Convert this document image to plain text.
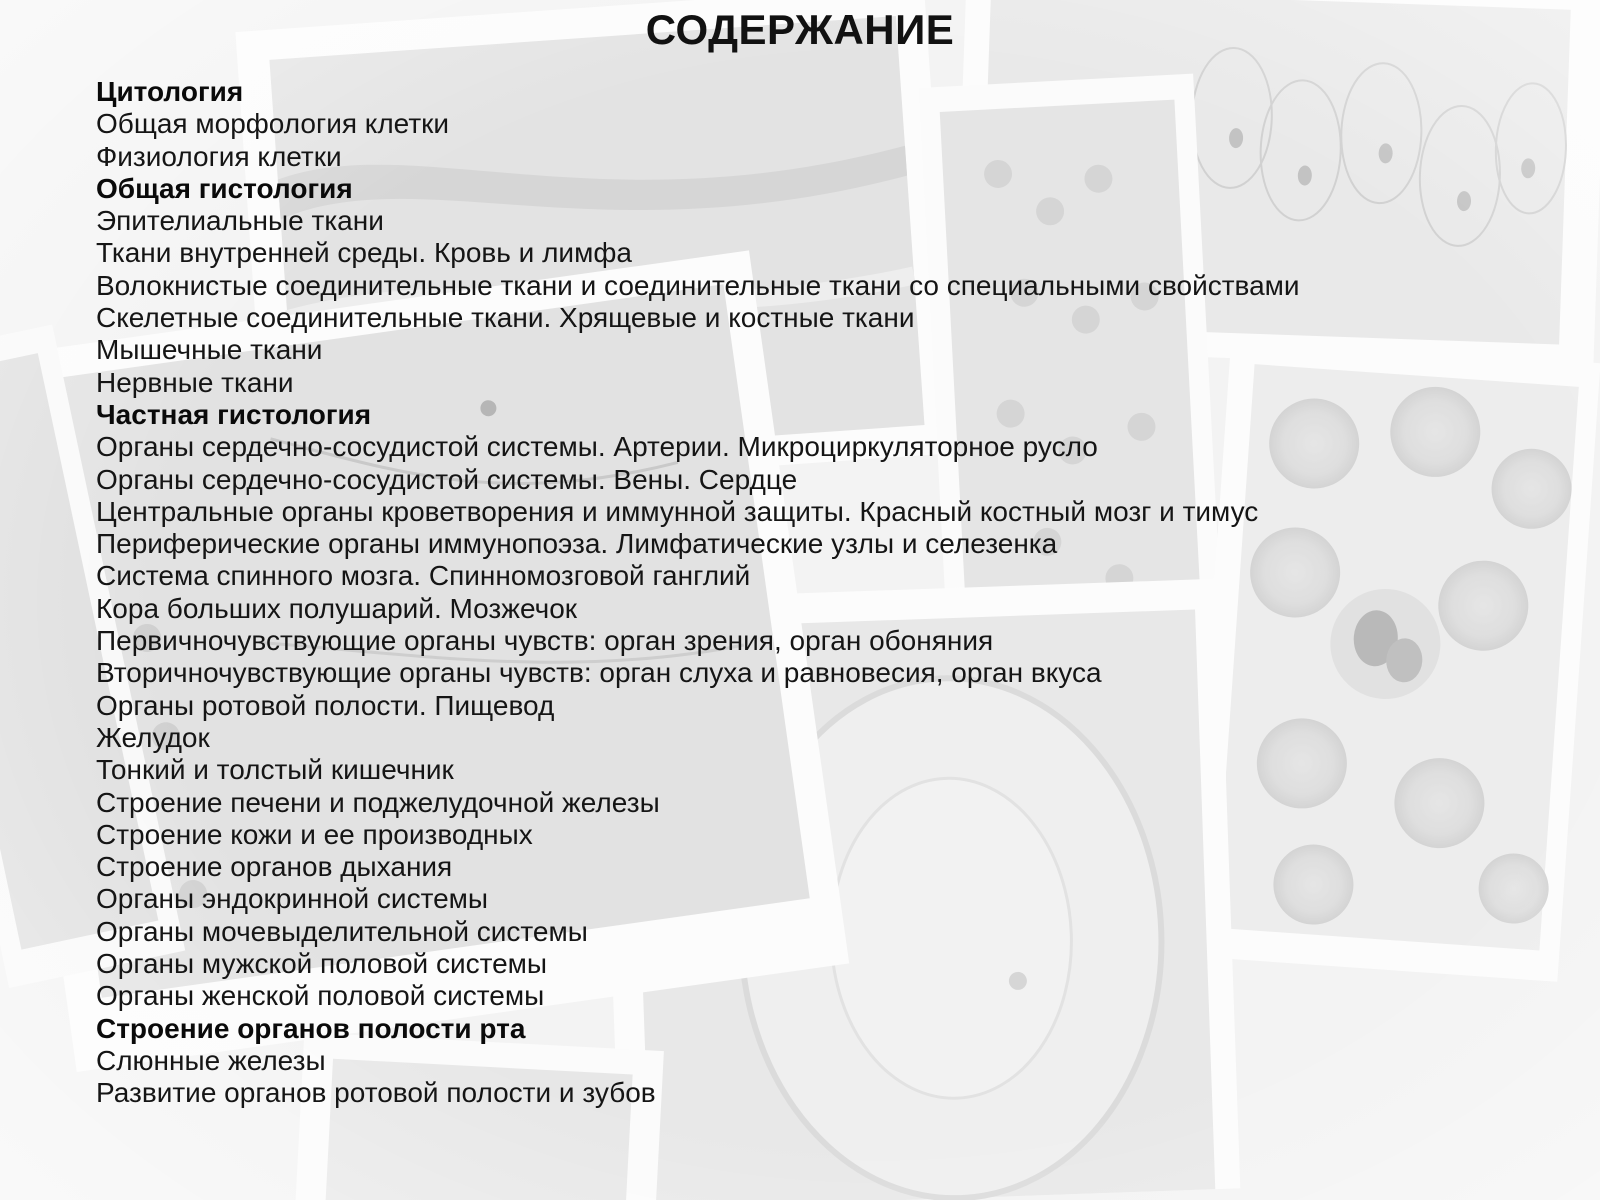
СОДЕРЖАНИЕ
Цитология
Общая морфология клетки
Физиология клетки
Общая гистология
Эпителиальные ткани
Ткани внутренней среды. Кровь и лимфа
Волокнистые соединительные ткани и соединительные ткани со специальными свойствами
Скелетные соединительные ткани. Хрящевые и костные ткани
Мышечные ткани
Нервные ткани
Частная гистология
Органы сердечно-сосудистой системы. Артерии. Микроциркуляторное русло
Органы сердечно-сосудистой системы. Вены. Сердце
Центральные органы кроветворения и иммунной защиты. Красный костный мозг и тимус
Периферические органы иммунопоэза. Лимфатические узлы и селезенка
Система спинного мозга. Спинномозговой ганглий
Кора больших полушарий. Мозжечок
Первичночувствующие органы чувств: орган зрения, орган обоняния
Вторичночувствующие органы чувств: орган слуха и равновесия, орган вкуса
Органы ротовой полости. Пищевод
Желудок
Тонкий и толстый кишечник
Строение печени и поджелудочной железы
Строение кожи и ее производных
Строение органов дыхания
Органы эндокринной системы
Органы мочевыделительной системы
Органы мужской половой системы
Органы женской половой системы
Строение органов полости рта
Слюнные железы
Развитие органов ротовой полости и зубов
